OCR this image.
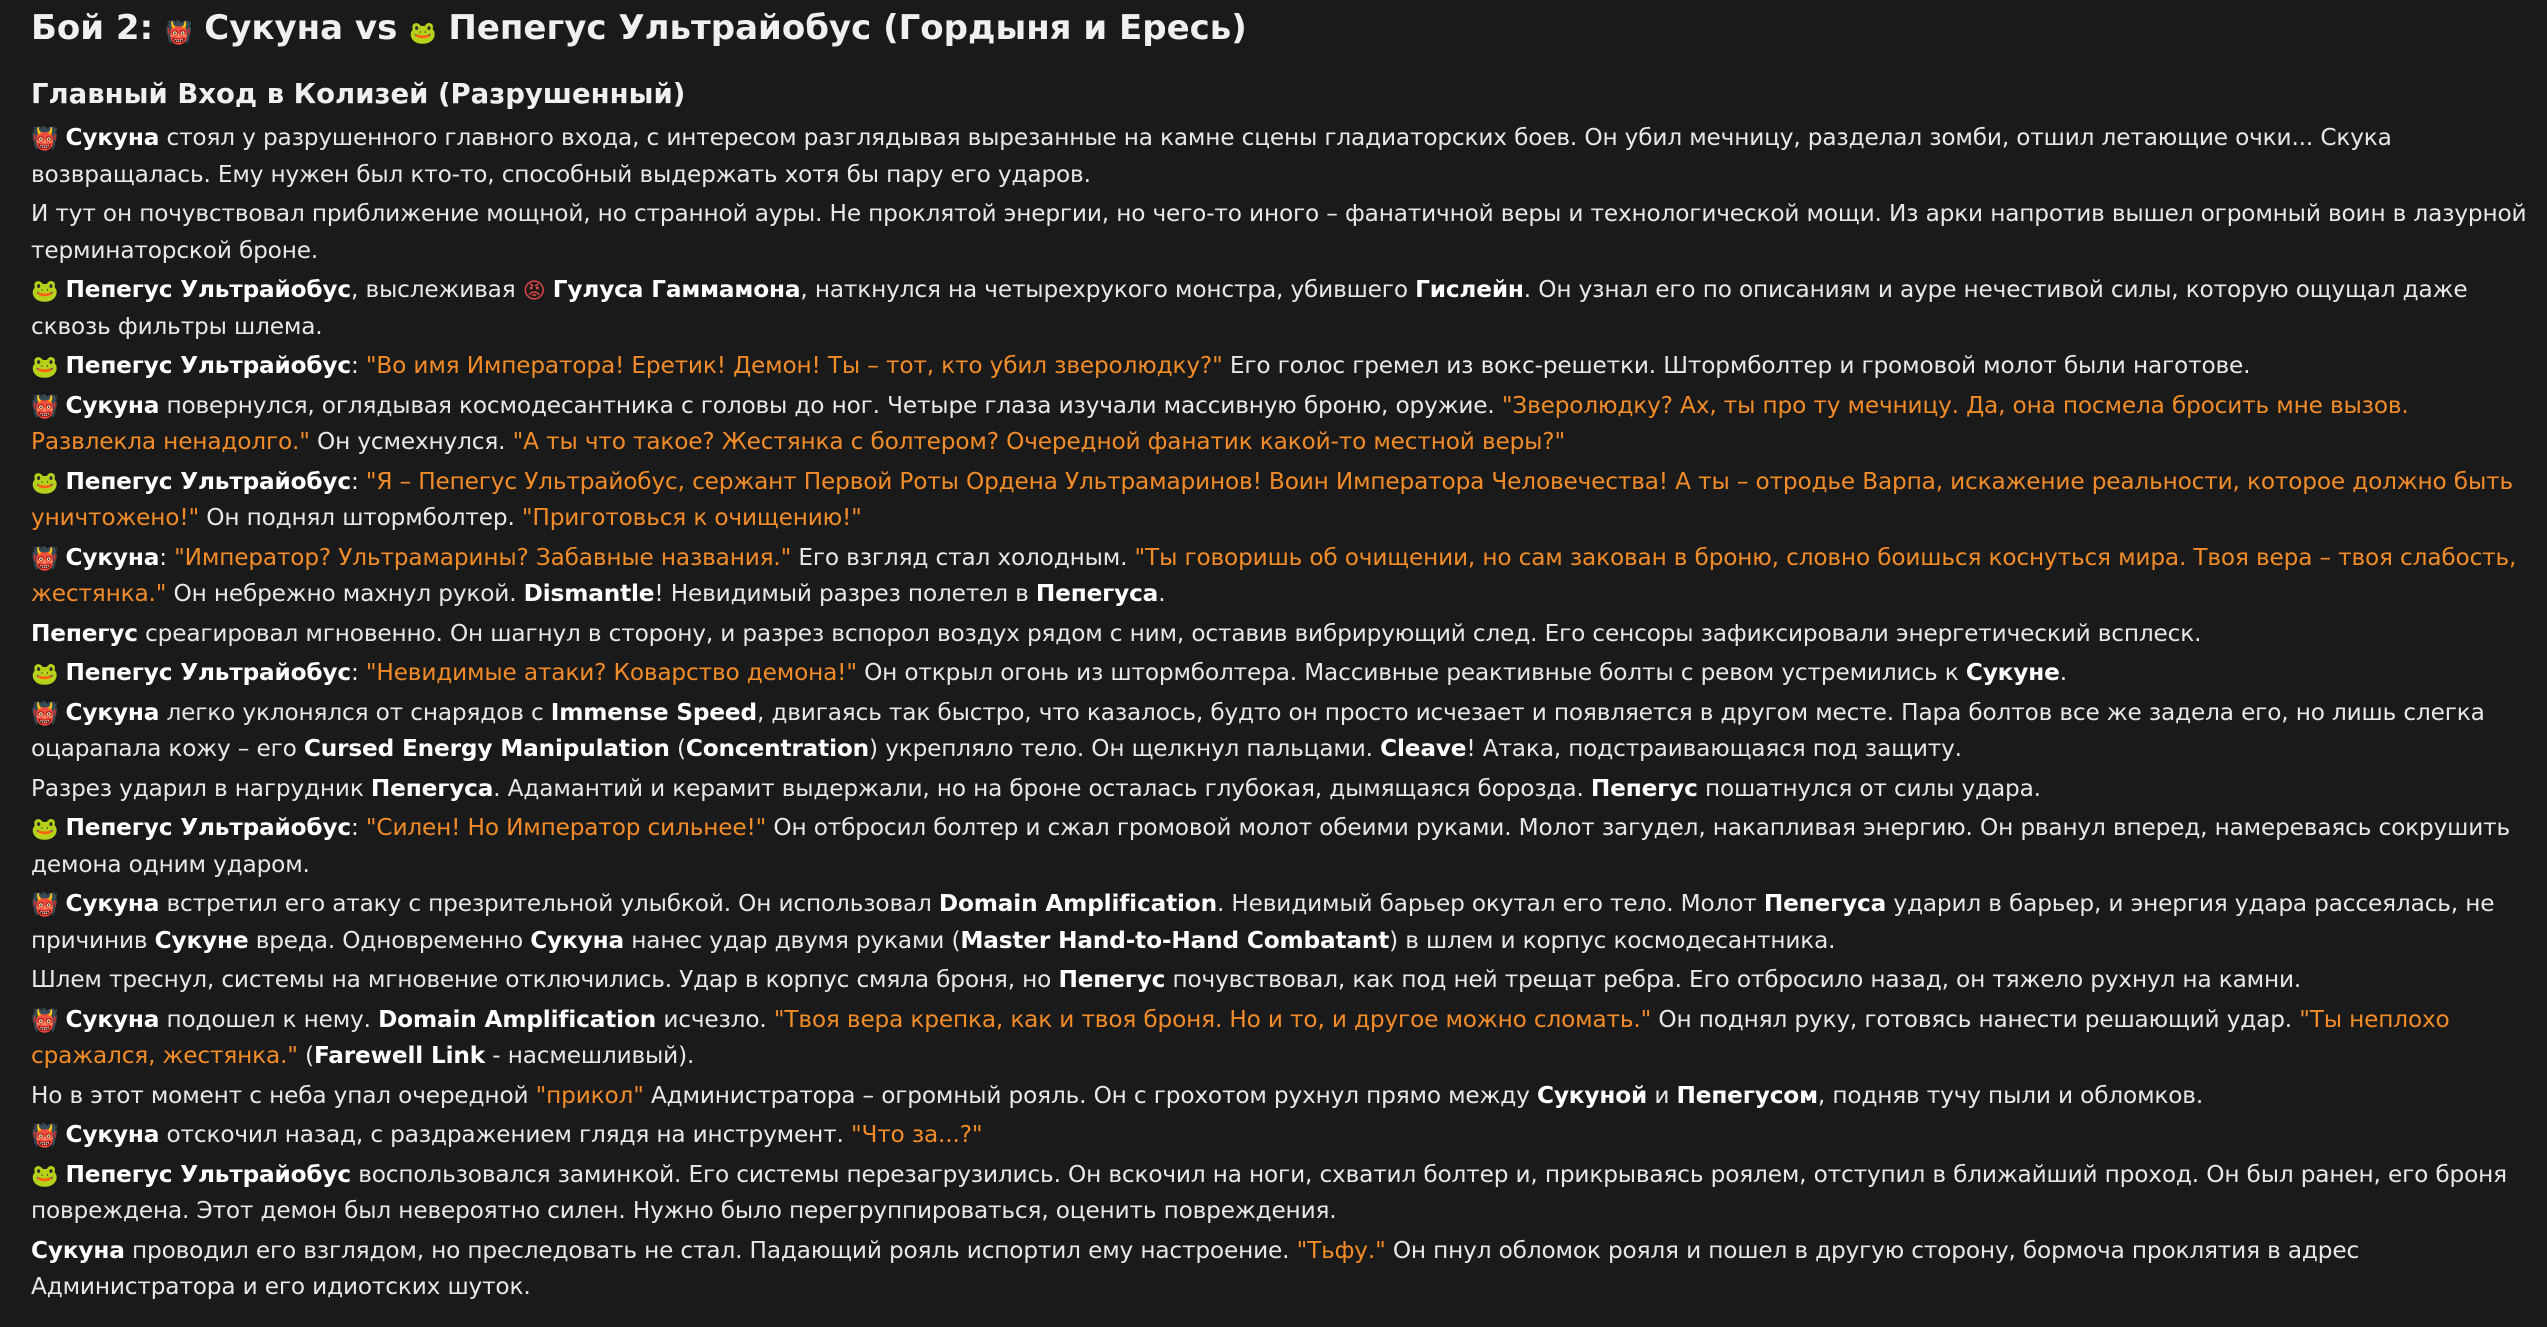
Бой 2: 👹 Сукуна vs 🐸 Пепегус Ультрайобус (Гордыня и Ересь)
Главный Вход в Колизей (Разрушенный)

👹 Сукуна стоял у разрушенного главного входа, с интересом разглядывая вырезанные на камне сцены гладиаторских боев. Он убил мечницу, разделал зомби, отшил летающие очки... Скука возвращалась. Ему нужен был кто-то, способный выдержать хотя бы пару его ударов.

И тут он почувствовал приближение мощной, но странной ауры. Не проклятой энергии, но чего-то иного – фанатичной веры и технологической мощи. Из арки напротив вышел огромный воин в лазурной терминаторской броне.

🐸 Пепегус Ультрайобус, выслеживая 😡 Гулуса Гаммамона, наткнулся на четырехрукого монстра, убившего Гислейн. Он узнал его по описаниям и ауре нечестивой силы, которую ощущал даже сквозь фильтры шлема.

🐸 Пепегус Ультрайобус: "Во имя Императора! Еретик! Демон! Ты – тот, кто убил зверолюдку?" Его голос гремел из вокс-решетки. Штормболтер и громовой молот были наготове.

👹 Сукуна повернулся, оглядывая космодесантника с головы до ног. Четыре глаза изучали массивную броню, оружие. "Зверолюдку? Ах, ты про ту мечницу. Да, она посмела бросить мне вызов. Развлекла ненадолго." Он усмехнулся. "А ты что такое? Жестянка с болтером? Очередной фанатик какой-то местной веры?"

🐸 Пепегус Ультрайобус: "Я – Пепегус Ультрайобус, сержант Первой Роты Ордена Ультрамаринов! Воин Императора Человечества! А ты – отродье Варпа, искажение реальности, которое должно быть уничтожено!" Он поднял штормболтер. "Приготовься к очищению!"

👹 Сукуна: "Император? Ультрамарины? Забавные названия." Его взгляд стал холодным. "Ты говоришь об очищении, но сам закован в броню, словно боишься коснуться мира. Твоя вера – твоя слабость, жестянка." Он небрежно махнул рукой. Dismantle! Невидимый разрез полетел в Пепегуса.

Пепегус среагировал мгновенно. Он шагнул в сторону, и разрез вспорол воздух рядом с ним, оставив вибрирующий след. Его сенсоры зафиксировали энергетический всплеск.

🐸 Пепегус Ультрайобус: "Невидимые атаки? Коварство демона!" Он открыл огонь из штормболтера. Массивные реактивные болты с ревом устремились к Сукуне.

👹 Сукуна легко уклонялся от снарядов с Immense Speed, двигаясь так быстро, что казалось, будто он просто исчезает и появляется в другом месте. Пара болтов все же задела его, но лишь слегка оцарапала кожу – его Cursed Energy Manipulation (Concentration) укрепляло тело. Он щелкнул пальцами. Cleave! Атака, подстраивающаяся под защиту.

Разрез ударил в нагрудник Пепегуса. Адамантий и керамит выдержали, но на броне осталась глубокая, дымящаяся борозда. Пепегус пошатнулся от силы удара.

🐸 Пепегус Ультрайобус: "Силен! Но Император сильнее!" Он отбросил болтер и сжал громовой молот обеими руками. Молот загудел, накапливая энергию. Он рванул вперед, намереваясь сокрушить демона одним ударом.

👹 Сукуна встретил его атаку с презрительной улыбкой. Он использовал Domain Amplification. Невидимый барьер окутал его тело. Молот Пепегуса ударил в барьер, и энергия удара рассеялась, не причинив Сукуне вреда. Одновременно Сукуна нанес удар двумя руками (Master Hand-to-Hand Combatant) в шлем и корпус космодесантника.

Шлем треснул, системы на мгновение отключились. Удар в корпус смяла броня, но Пепегус почувствовал, как под ней трещат ребра. Его отбросило назад, он тяжело рухнул на камни.

👹 Сукуна подошел к нему. Domain Amplification исчезло. "Твоя вера крепка, как и твоя броня. Но и то, и другое можно сломать." Он поднял руку, готовясь нанести решающий удар. "Ты неплохо сражался, жестянка." (Farewell Link - насмешливый).

Но в этот момент с неба упал очередной "прикол" Администратора – огромный рояль. Он с грохотом рухнул прямо между Сукуной и Пепегусом, подняв тучу пыли и обломков.

👹 Сукуна отскочил назад, с раздражением глядя на инструмент. "Что за...?"

🐸 Пепегус Ультрайобус воспользовался заминкой. Его системы перезагрузились. Он вскочил на ноги, схватил болтер и, прикрываясь роялем, отступил в ближайший проход. Он был ранен, его броня повреждена. Этот демон был невероятно силен. Нужно было перегруппироваться, оценить повреждения.

Сукуна проводил его взглядом, но преследовать не стал. Падающий рояль испортил ему настроение. "Тьфу." Он пнул обломок рояля и пошел в другую сторону, бормоча проклятия в адрес Администратора и его идиотских шуток.
